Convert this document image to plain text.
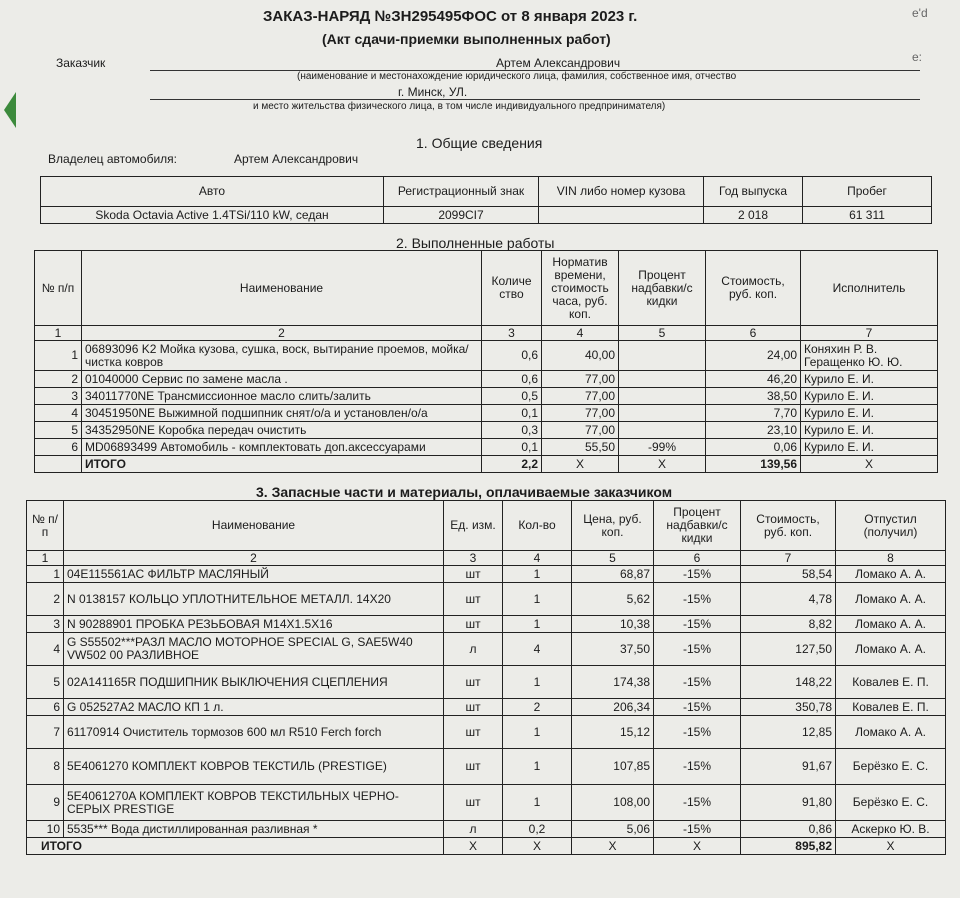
e'd
e:
ЗАКАЗ-НАРЯД №ЗН295495ФОС от 8 января 2023 г.
(Акт сдачи-приемки выполненных работ)
Заказчик	Артем Александрович
(наименование и местонахождение юридического лица, фамилия, собственное имя, отчество
г. Минск, УЛ.
и место жительства физического лица, в том числе индивидуального предпринимателя)
1. Общие сведения
Владелец автомобиля:	Артем Александрович
Авто	Регистрационный знак	VIN либо номер кузова	Год выпуска	Пробег
Skoda Octavia Active 1.4TSi/110 kW, седан	2099CI7		2 018	61 311
2. Выполненные работы
№ п/п	Наименование	Количе ство	Норматив времени, стоимость часа, руб. коп.	Процент надбавки/с кидки	Стоимость, руб. коп.	Исполнитель
1	2	3	4	5	6	7
1	06893096 K2 Мойка кузова, сушка, воск, вытирание проемов, мойка/чистка ковров	0,6	40,00		24,00	Коняхин Р. В. Геращенко Ю. Ю.
2	01040000 Сервис по замене масла .	0,6	77,00		46,20	Курило Е. И.
3	34011770NE Трансмиссионное масло слить/залить	0,5	77,00		38,50	Курило Е. И.
4	30451950NE Выжимной подшипник снят/о/а и установлен/о/а	0,1	77,00		7,70	Курило Е. И.
5	34352950NE Коробка передач очистить	0,3	77,00		23,10	Курило Е. И.
6	MD06893499 Автомобиль - комплектовать доп.аксессуарами	0,1	55,50	-99%	0,06	Курило Е. И.
	ИТОГО	2,2	X	X	139,56	X
3. Запасные части и материалы, оплачиваемые заказчиком
№ п/п	Наименование	Ед. изм.	Кол-во	Цена, руб. коп.	Процент надбавки/с кидки	Стоимость, руб. коп.	Отпустил (получил)
1	2	3	4	5	6	7	8
1	04E115561AC ФИЛЬТР МАСЛЯНЫЙ	шт	1	68,87	-15%	58,54	Ломако А. А.
2	N 0138157 КОЛЬЦО УПЛОТНИТЕЛЬНОЕ МЕТАЛЛ. 14X20	шт	1	5,62	-15%	4,78	Ломако А. А.
3	N 90288901 ПРОБКА РЕЗЬБОВАЯ M14X1.5X16	шт	1	10,38	-15%	8,82	Ломако А. А.
4	G S55502***РАЗЛ МАСЛО МОТОРНОЕ SPECIAL G, SAE5W40 VW502 00 РАЗЛИВНОЕ	л	4	37,50	-15%	127,50	Ломако А. А.
5	02A141165R ПОДШИПНИК ВЫКЛЮЧЕНИЯ СЦЕПЛЕНИЯ	шт	1	174,38	-15%	148,22	Ковалев Е. П.
6	G 052527A2 МАСЛО КП 1 л.	шт	2	206,34	-15%	350,78	Ковалев Е. П.
7	61170914 Очиститель тормозов 600 мл R510 Ferch forch	шт	1	15,12	-15%	12,85	Ломако А. А.
8	5E4061270 КОМПЛЕКТ КОВРОВ ТЕКСТИЛЬ (PRESTIGE)	шт	1	107,85	-15%	91,67	Берёзко Е. С.
9	5E4061270A КОМПЛЕКТ КОВРОВ ТЕКСТИЛЬНЫХ ЧЕРНО-СЕРЫХ PRESTIGE	шт	1	108,00	-15%	91,80	Берёзко Е. С.
10	5535*** Вода дистиллированная разливная *	л	0,2	5,06	-15%	0,86	Аскерко Ю. В.
ИТОГО		X	X	X	X	895,82	X
